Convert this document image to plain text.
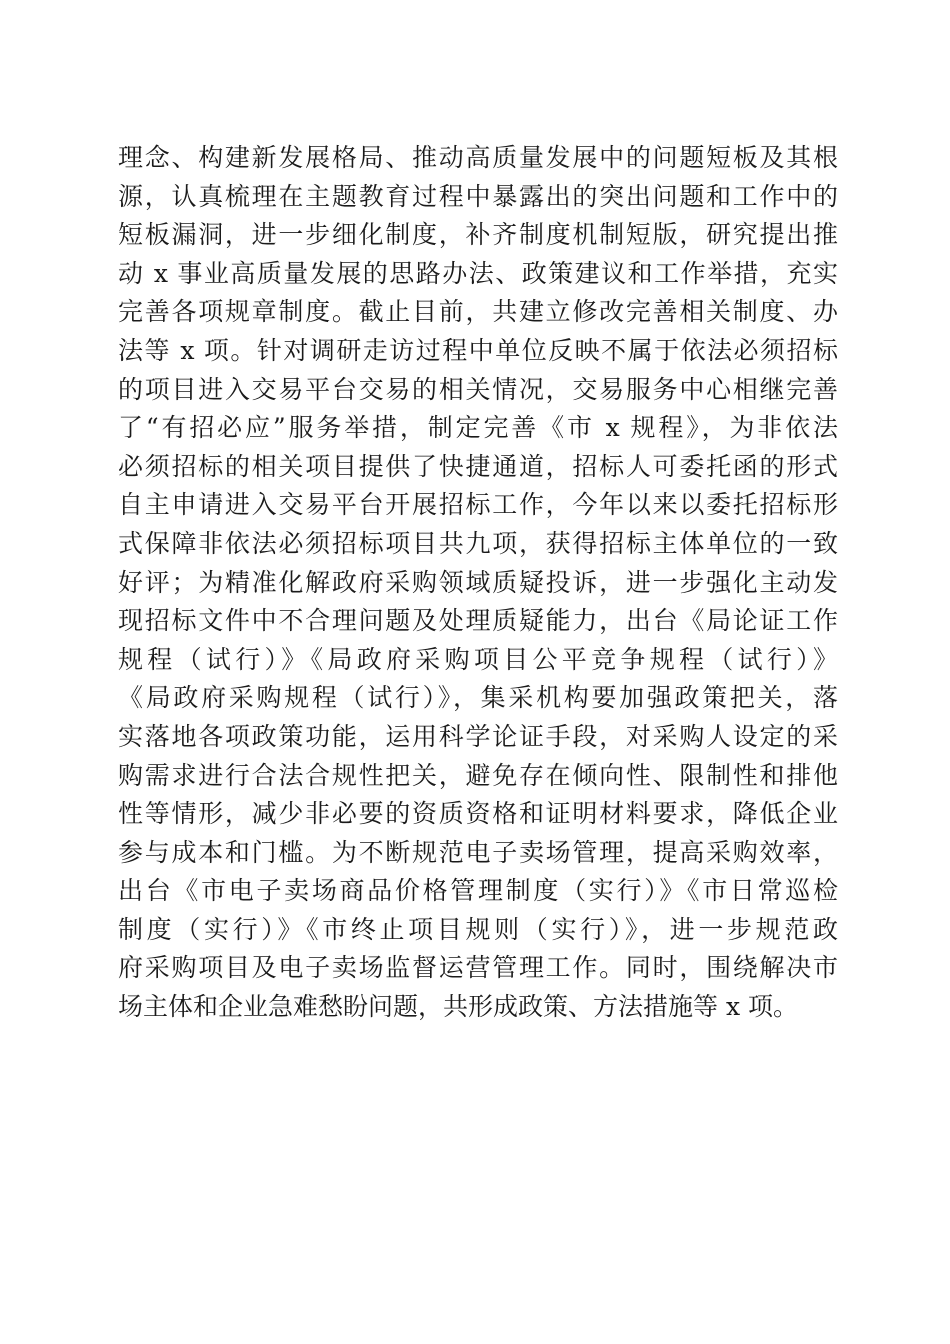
理念、构建新发展格局、推动高质量发展中的问题短板及其根
源，认真梳理在主题教育过程中暴露出的突出问题和工作中的
短板漏洞，进一步细化制度，补齐制度机制短版，研究提出推
动 x 事业高质量发展的思路办法、政策建议和工作举措，充实
完善各项规章制度。截止目前，共建立修改完善相关制度、办
法等 x 项。针对调研走访过程中单位反映不属于依法必须招标
的项目进入交易平台交易的相关情况，交易服务中心相继完善
了“有招必应”服务举措，制定完善《市 x 规程》，为非依法
必须招标的相关项目提供了快捷通道，招标人可委托函的形式
自主申请进入交易平台开展招标工作，今年以来以委托招标形
式保障非依法必须招标项目共九项，获得招标主体单位的一致
好评；为精准化解政府采购领域质疑投诉，进一步强化主动发
现招标文件中不合理问题及处理质疑能力，出台《局论证工作
规程（试行）》《局政府采购项目公平竞争规程（试行）》
《局政府采购规程（试行）》，集采机构要加强政策把关，落
实落地各项政策功能，运用科学论证手段，对采购人设定的采
购需求进行合法合规性把关，避免存在倾向性、限制性和排他
性等情形，减少非必要的资质资格和证明材料要求，降低企业
参与成本和门槛。为不断规范电子卖场管理，提高采购效率，
出台《市电子卖场商品价格管理制度（实行）》《市日常巡检
制度（实行）》《市终止项目规则（实行）》，进一步规范政
府采购项目及电子卖场监督运营管理工作。同时，围绕解决市
场主体和企业急难愁盼问题，共形成政策、方法措施等 x 项。
